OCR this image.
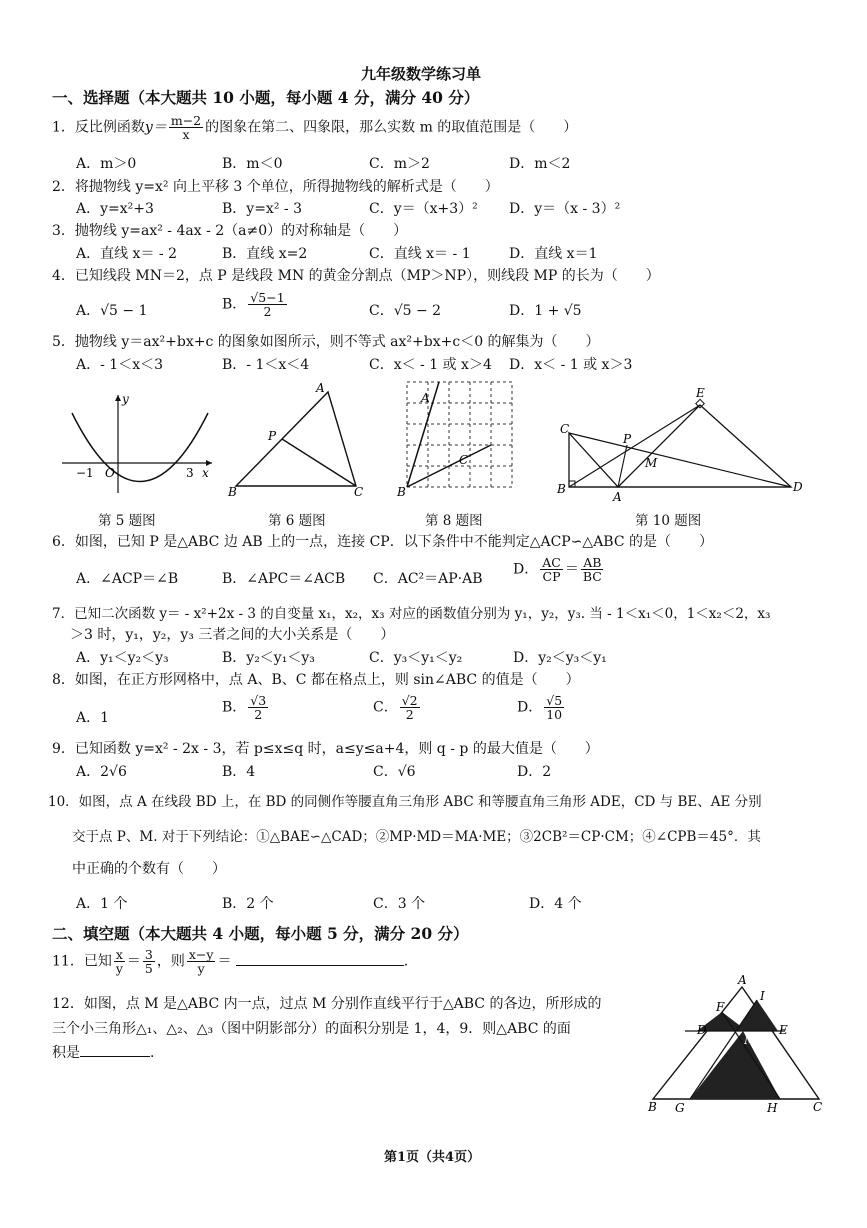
九年级数学练习单
一、选择题（本大题共 10 小题，每小题 4 分，满分 40 分）
1．反比例函数$y= \frac{m-2}{x}$ 的图象在第二、四象限，那么实数 m 的取值范围是（　　）
A．m＞0	B．m＜0	C．m＞2	D．m＜2
2．将抛物线 y=x² 向上平移 3 个单位，所得抛物线的解析式是（　　）
A．y=x²+3	B．y=x² - 3	C．y＝（x+3）² D．y＝（x - 3）²
3．抛物线 y=ax² - 4ax - 2（a≠0）的对称轴是（　　）
A．直线 x＝ - 2	B．直线 x=2	C．直线 x＝ - 1	D．直线 x＝1
4．已知线段 MN＝2，点 P 是线段 MN 的黄金分割点（MP＞NP），则线段 MP 的长为（　　）
A．√5 − 1	B． $\frac{√5-1}{2}$	C．√5 − 2	D．1 + √5
5．抛物线 y＝ax²+bx+c 的图象如图所示，则不等式 ax²+bx+c＜0 的解集为（　　）
A．- 1＜x＜3	B．- 1＜x＜4	C．x＜ - 1 或 x＞4 D．x＜ - 1 或 x＞3
y
x
O
−1	3
A
P
B	C
A
B
C
E
C
P
M
B
A
D
第 5 题图	第 6 题图	第 8 题图	第 10 题图
6．如图，已知 P 是△ABC 边 AB 上的一点，连接 CP．以下条件中不能判定△ACP∽△ABC 的是（　　）
A．∠ACP＝∠B	B．∠APC＝∠ACB C．AC²＝AP·AB
D． $\frac{AC}{CP} = \frac{AB}{BC}$
7．已知二次函数 y＝ - x²+2x - 3 的自变量 x₁，x₂，x₃ 对应的函数值分别为 y₁，y₂，y₃. 当 - 1＜x₁＜0，1＜x₂＜2，x₃
＞3 时，y₁，y₂，y₃ 三者之间的大小关系是（　　）
A．y₁＜y₂＜y₃	B．y₂＜y₁＜y₃	C．y₃＜y₁＜y₂	D．y₂＜y₃＜y₁
8．如图，在正方形网格中，点 A、B、C 都在格点上，则 sin∠ABC 的值是（　　）
A．1
B． $\frac{√3}{2}$	C． $\frac{√2}{2}$	D． $\frac{√5}{10}$
9．已知函数 y=x² - 2x - 3，若 p≤x≤q 时，a≤y≤a+4，则 q - p 的最大值是（　　）
A．2√6	B．4	C．√6	D．2
10．如图，点 A 在线段 BD 上，在 BD 的同侧作等腰直角三角形 ABC 和等腰直角三角形 ADE，CD 与 BE、AE 分别
交于点 P、M. 对于下列结论：①△BAE∽△CAD；②MP·MD＝MA·ME；③2CB²＝CP·CM；④∠CPB＝45°．其
中正确的个数有（　　）
A．1 个	B．2 个	C．3 个	D．4 个
二、填空题（本大题共 4 小题，每小题 5 分，满分 20 分）
11．已知 $\frac{x}{y} = \frac{3}{5}$ ，则 $\frac{x-y}{y}$ ＝	．
12．如图，点 M 是△ABC 内一点，过点 M 分别作直线平行于△ABC 的各边，所形成的
三个小三角形△₁、△₂、△₃（图中阴影部分）的面积分别是 1，4，9．则△ABC 的面
积是	．
A
F
I
D	E
M
B G	H	C
第1页（共4页）
